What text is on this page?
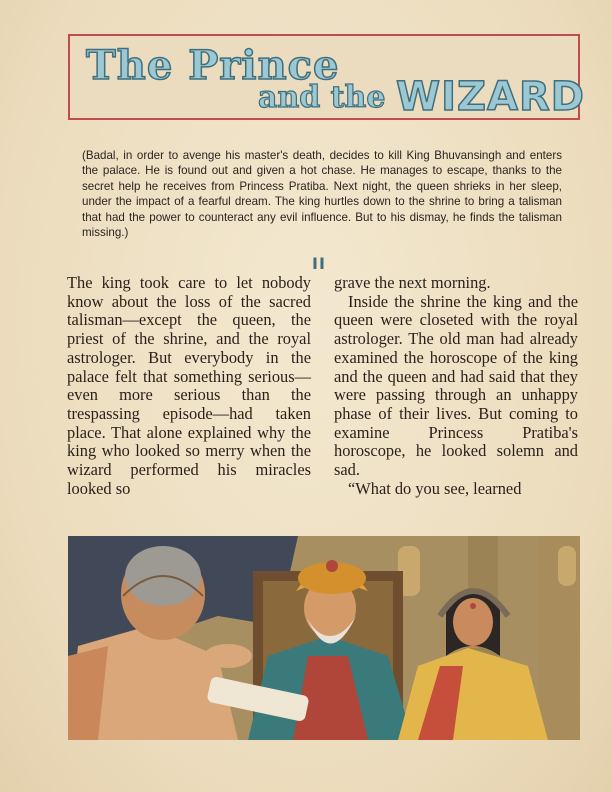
The Prince
and the WIZARD
(Badal, in order to avenge his master's death, decides to kill King Bhuvansingh and enters the palace. He is found out and given a hot chase. He manages to escape, thanks to the secret help he receives from Princess Pratiba. Next night, the queen shrieks in her sleep, under the impact of a fearful dream. The king hurtles down to the shrine to bring a talisman that had the power to counteract any evil influence. But to his dismay, he finds the talisman missing.)
II

The king took care to let nobody know about the loss of the sacred talisman—except the queen, the priest of the shrine, and the royal astrologer. But everybody in the palace felt that something serious—even more serious than the trespassing episode—had taken place. That alone explained why the king who looked so merry when the wizard performed his miracles looked so

grave the next morning.

Inside the shrine the king and the queen were closeted with the royal astrologer. The old man had already examined the horoscope of the king and the queen and had said that they were passing through an unhappy phase of their lives. But coming to examine Princess Pratiba's horoscope, he looked solemn and sad.

“What do you see, learned
